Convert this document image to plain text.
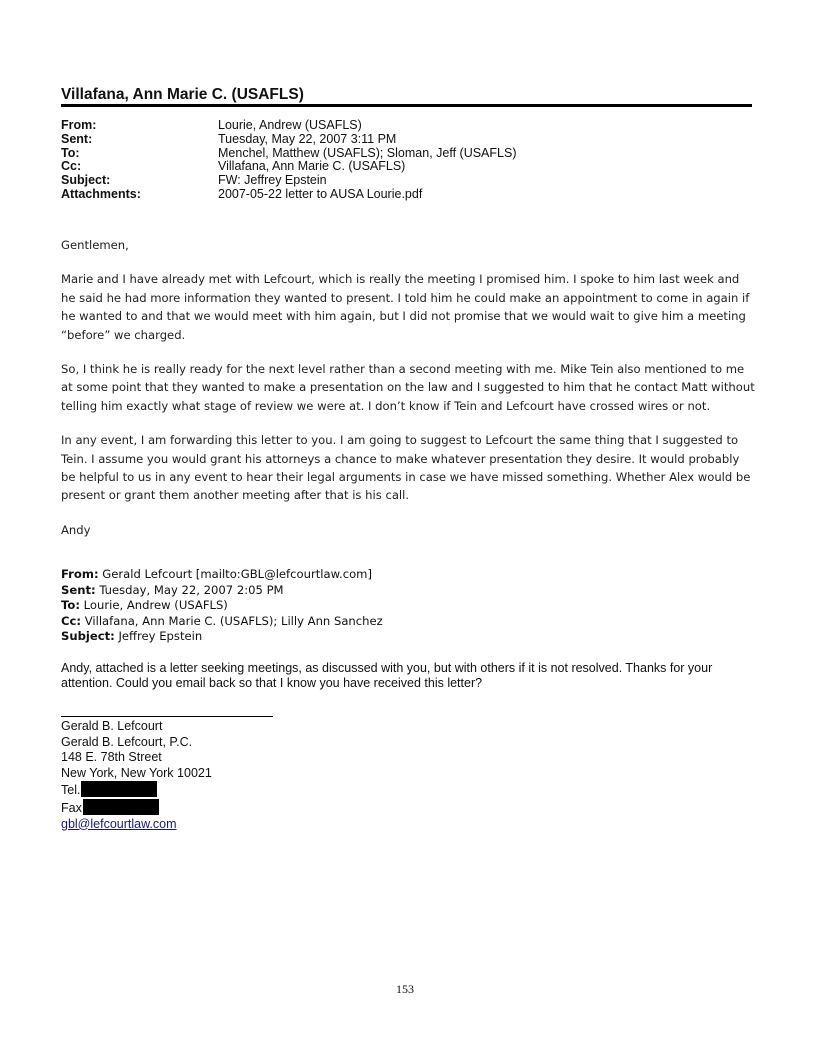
Villafana, Ann Marie C. (USAFLS)
From:	Lourie, Andrew (USAFLS)
Sent:	Tuesday, May 22, 2007 3:11 PM
To:	Menchel, Matthew (USAFLS); Sloman, Jeff (USAFLS)
Cc:	Villafana, Ann Marie C. (USAFLS)
Subject:	FW: Jeffrey Epstein
Attachments:	2007-05-22 letter to AUSA Lourie.pdf

Gentlemen,

Marie and I have already met with Lefcourt, which is really the meeting I promised him. I spoke to him last week and he said he had more information they wanted to present. I told him he could make an appointment to come in again if he wanted to and that we would meet with him again, but I did not promise that we would wait to give him a meeting “before” we charged.

So, I think he is really ready for the next level rather than a second meeting with me. Mike Tein also mentioned to me at some point that they wanted to make a presentation on the law and I suggested to him that he contact Matt without telling him exactly what stage of review we were at. I don’t know if Tein and Lefcourt have crossed wires or not.

In any event, I am forwarding this letter to you. I am going to suggest to Lefcourt the same thing that I suggested to Tein. I assume you would grant his attorneys a chance to make whatever presentation they desire. It would probably be helpful to us in any event to hear their legal arguments in case we have missed something. Whether Alex would be present or grant them another meeting after that is his call.

Andy

From: Gerald Lefcourt [mailto:GBL@lefcourtlaw.com]
Sent: Tuesday, May 22, 2007 2:05 PM
To: Lourie, Andrew (USAFLS)
Cc: Villafana, Ann Marie C. (USAFLS); Lilly Ann Sanchez
Subject: Jeffrey Epstein
Andy, attached is a letter seeking meetings, as discussed with you, but with others if it is not resolved. Thanks for your attention. Could you email back so that I know you have received this letter?
Gerald B. Lefcourt
Gerald B. Lefcourt, P.C.
148 E. 78th Street
New York, New York 10021
Tel.
Fax
gbl@lefcourtlaw.com
153
